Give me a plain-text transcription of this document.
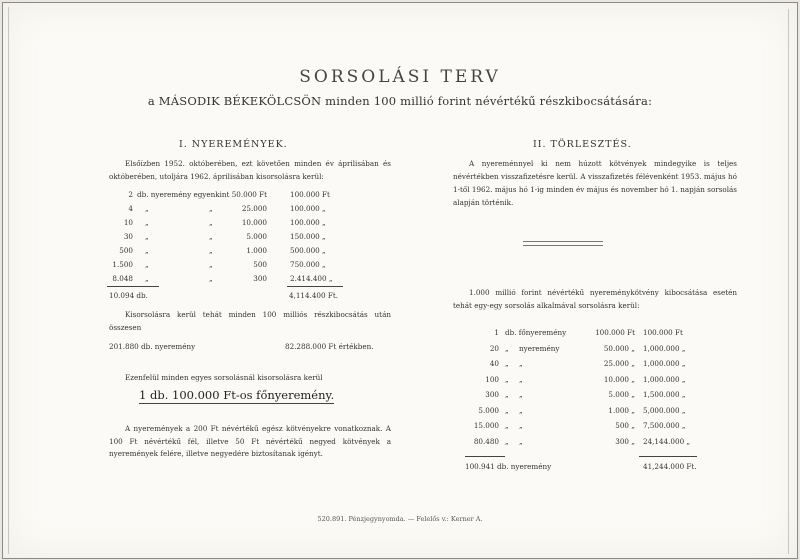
SORSOLÁSI TERV
a MÁSODIK BÉKEKÖLCSÖN minden 100 millió forint névértékű részkibocsátására:
I. NYEREMÉNYEK.

Elsőízben 1952. októberében, ezt követően minden év áprilisában és októberében, utoljára 1962. áprilisában kisorsolásra kerül:

2 db. nyeremény egyenkint 50.000 Ft	100.000 Ft
4 „	„	25.000	100.000 „
10 „	„	10.000	100.000 „
30 „	„	5.000	150.000 „
500 „	„	1.000	500.000 „
1.500 „	„	500	750.000 „
8.048 „	„	300	2.414.400 „
10.094 db.	4,114.400 Ft.

Kisorsolásra kerül tehát minden 100 milliós részkibocsátás után összesen

201.880 db. nyeremény	82.288.000 Ft értékben.
Ezenfelül minden egyes sorsolásnál kisorsolásra kerül
1 db. 100.000 Ft-os főnyeremény.

A nyeremények a 200 Ft névértékű egész kötvényekre vonatkoznak. A 100 Ft névértékű fél, illetve 50 Ft névértékű negyed kötvények a nyeremények felére, illetve negyedére biztosítanak igényt.

II. TÖRLESZTÉS.

A nyereménnyel ki nem húzott kötvények mindegyike is teljes névértékben visszafizetésre kerül. A visszafizetés félévenként 1953. május hó 1-től 1962. május hó 1-ig minden év május és november hó 1. napján sorsolás alapján történik.

1.000 millió forint névértékű nyereménykötvény kibocsátása esetén tehát egy-egy sorsolás alkalmával sorsolásra kerül:

1 db. főnyeremény	100.000 Ft 100.000 Ft
20 „ nyeremény	50.000 „ 1,000.000 „
40 „ „	25.000 „ 1,000.000 „
100 „ „	10.000 „ 1,000.000 „
300 „ „	5.000 „ 1,500.000 „
5.000 „ „	1.000 „ 5,000.000 „
15.000 „ „	500 „ 7,500.000 „
80.480 „ „	300 „ 24,144.000 „
100.941 db. nyeremény	41,244.000 Ft.
520.891. Pénzjegynyomda. — Felelős v.: Kerner A.
